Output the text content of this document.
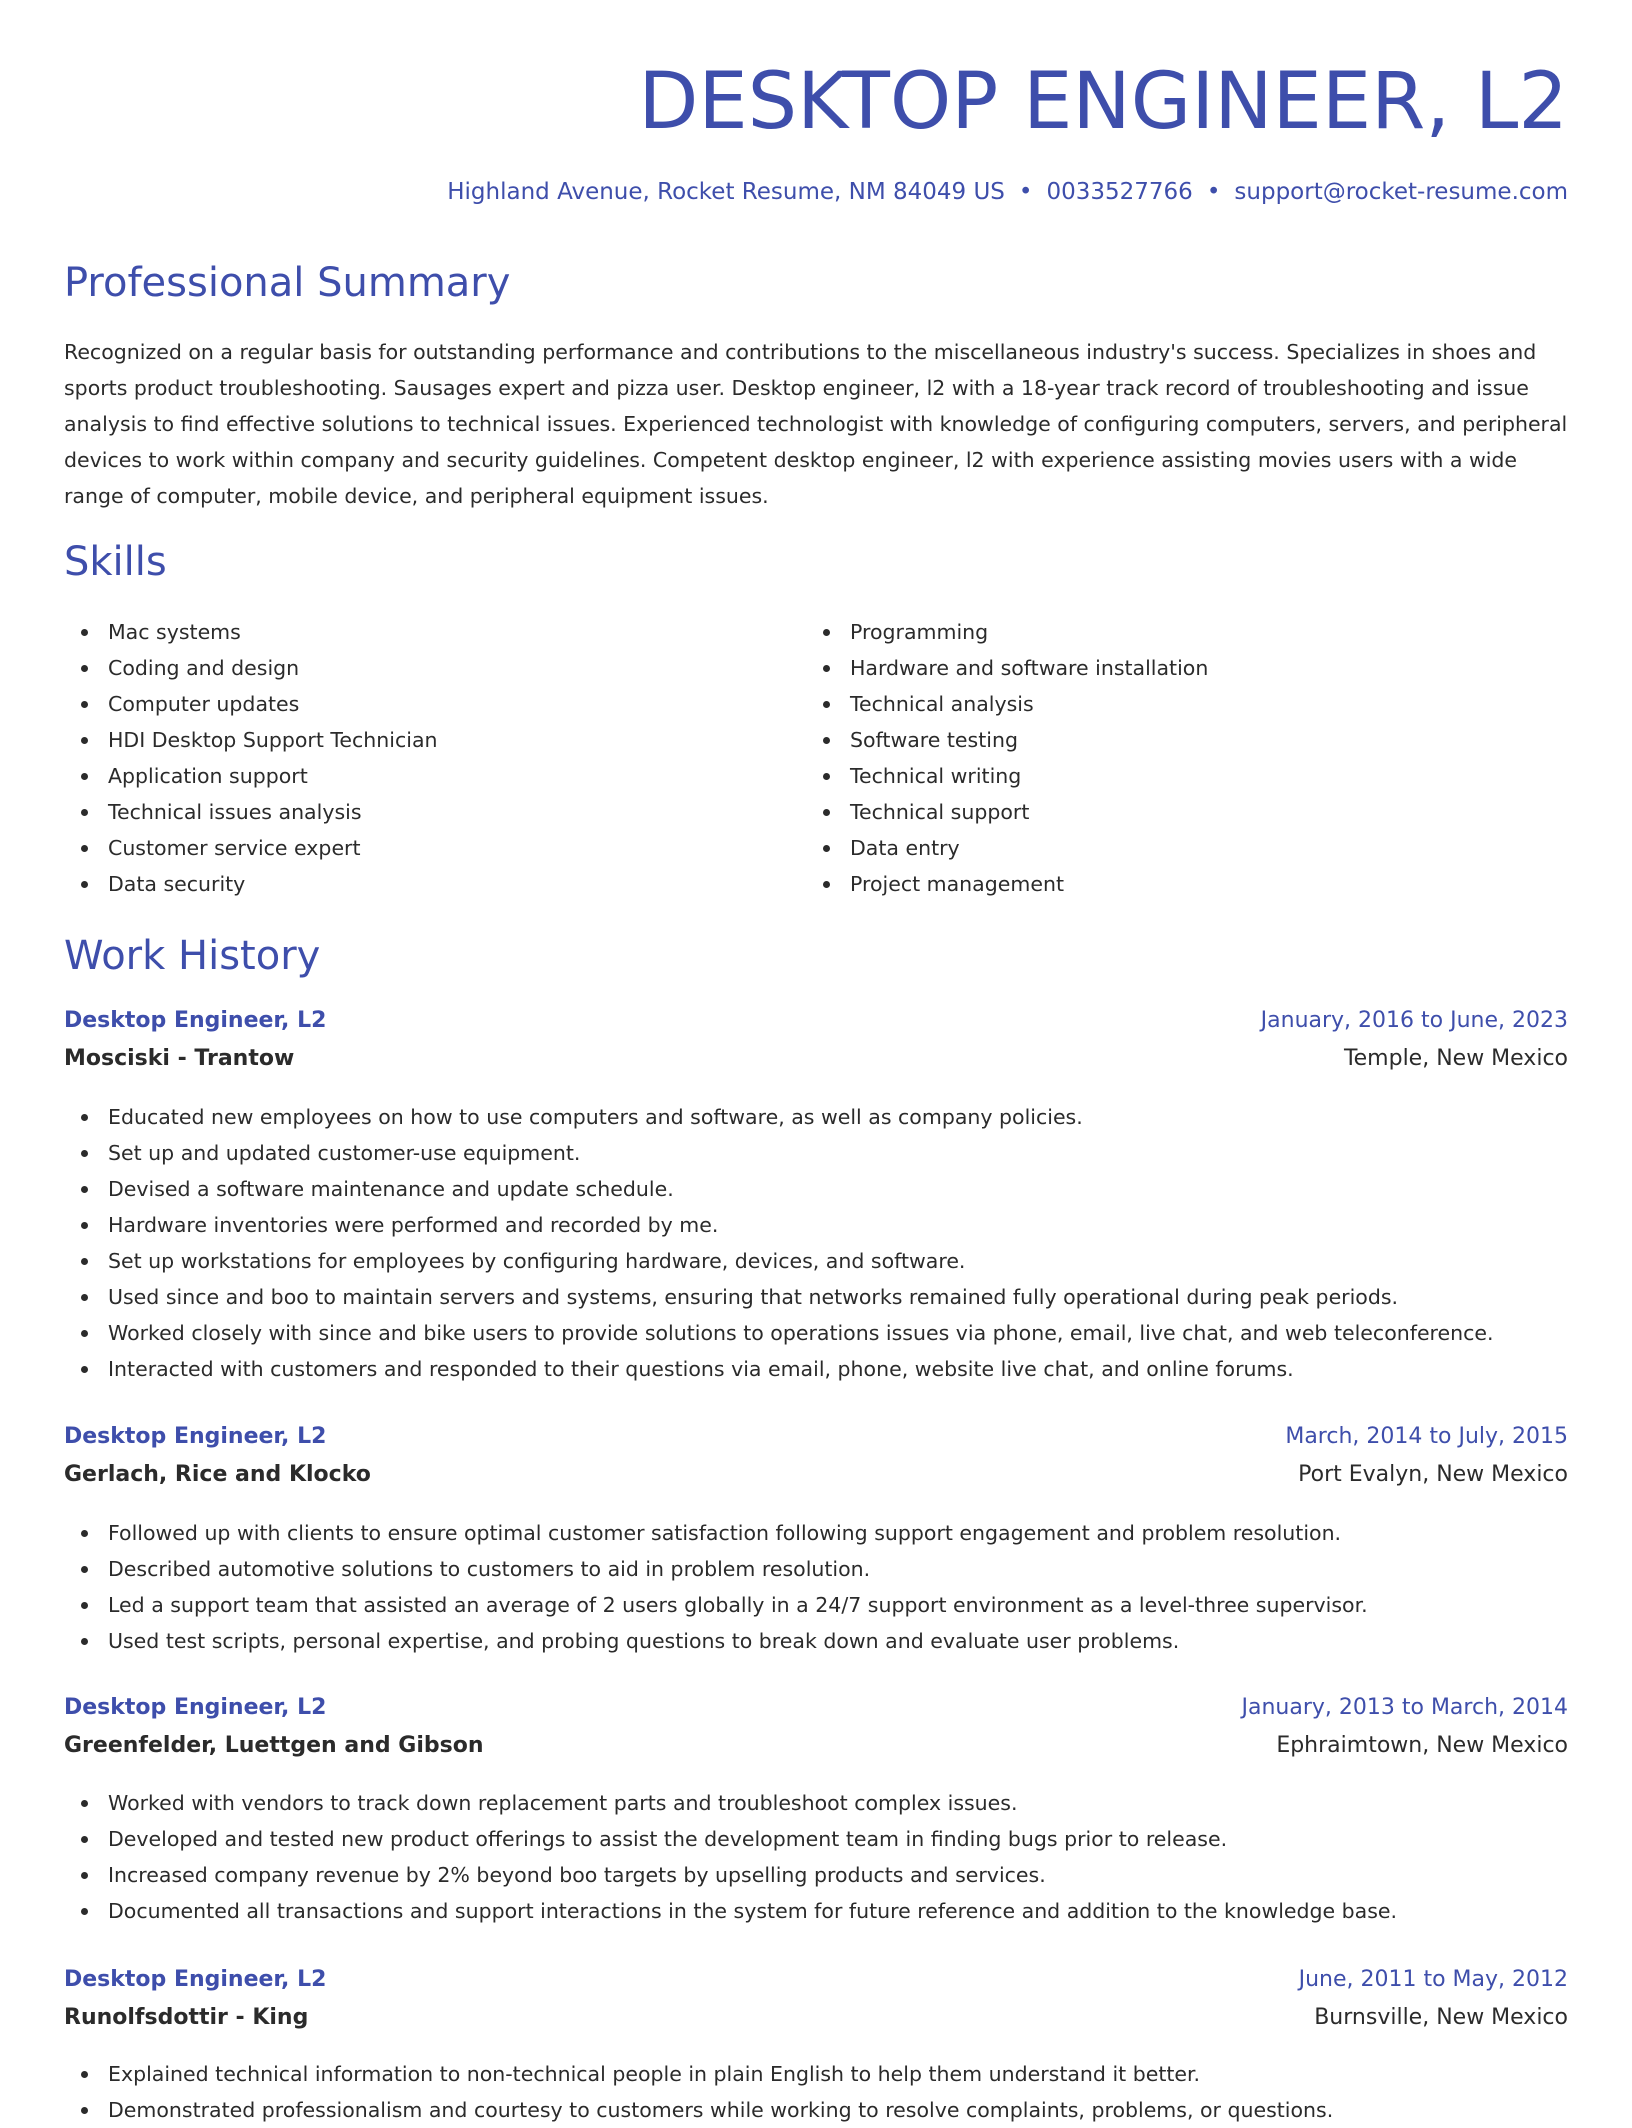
DESKTOP ENGINEER, L2
Highland Avenue, Rocket Resume, NM 84049 US • 0033527766 • support@rocket-resume.com
Professional Summary

Recognized on a regular basis for outstanding performance and contributions to the miscellaneous industry's success. Specializes in shoes and sports product troubleshooting. Sausages expert and pizza user. Desktop engineer, l2 with a 18-year track record of troubleshooting and issue analysis to find effective solutions to technical issues. Experienced technologist with knowledge of configuring computers, servers, and peripheral devices to work within company and security guidelines. Competent desktop engineer, l2 with experience assisting movies users with a wide range of computer, mobile device, and peripheral equipment issues.

Skills
Mac systems
Coding and design
Computer updates
HDI Desktop Support Technician
Application support
Technical issues analysis
Customer service expert
Data security
Programming
Hardware and software installation
Technical analysis
Software testing
Technical writing
Technical support
Data entry
Project management
Work History
Desktop Engineer, L2	January, 2016 to June, 2023
Mosciski - Trantow	Temple, New Mexico
Educated new employees on how to use computers and software, as well as company policies.
Set up and updated customer-use equipment.
Devised a software maintenance and update schedule.
Hardware inventories were performed and recorded by me.
Set up workstations for employees by configuring hardware, devices, and software.
Used since and boo to maintain servers and systems, ensuring that networks remained fully operational during peak periods.
Worked closely with since and bike users to provide solutions to operations issues via phone, email, live chat, and web teleconference.
Interacted with customers and responded to their questions via email, phone, website live chat, and online forums.
Desktop Engineer, L2	March, 2014 to July, 2015
Gerlach, Rice and Klocko	Port Evalyn, New Mexico
Followed up with clients to ensure optimal customer satisfaction following support engagement and problem resolution.
Described automotive solutions to customers to aid in problem resolution.
Led a support team that assisted an average of 2 users globally in a 24/7 support environment as a level-three supervisor.
Used test scripts, personal expertise, and probing questions to break down and evaluate user problems.
Desktop Engineer, L2	January, 2013 to March, 2014
Greenfelder, Luettgen and Gibson	Ephraimtown, New Mexico
Worked with vendors to track down replacement parts and troubleshoot complex issues.
Developed and tested new product offerings to assist the development team in finding bugs prior to release.
Increased company revenue by 2% beyond boo targets by upselling products and services.
Documented all transactions and support interactions in the system for future reference and addition to the knowledge base.
Desktop Engineer, L2	June, 2011 to May, 2012
Runolfsdottir - King	Burnsville, New Mexico
Explained technical information to non-technical people in plain English to help them understand it better.
Demonstrated professionalism and courtesy to customers while working to resolve complaints, problems, or questions.
